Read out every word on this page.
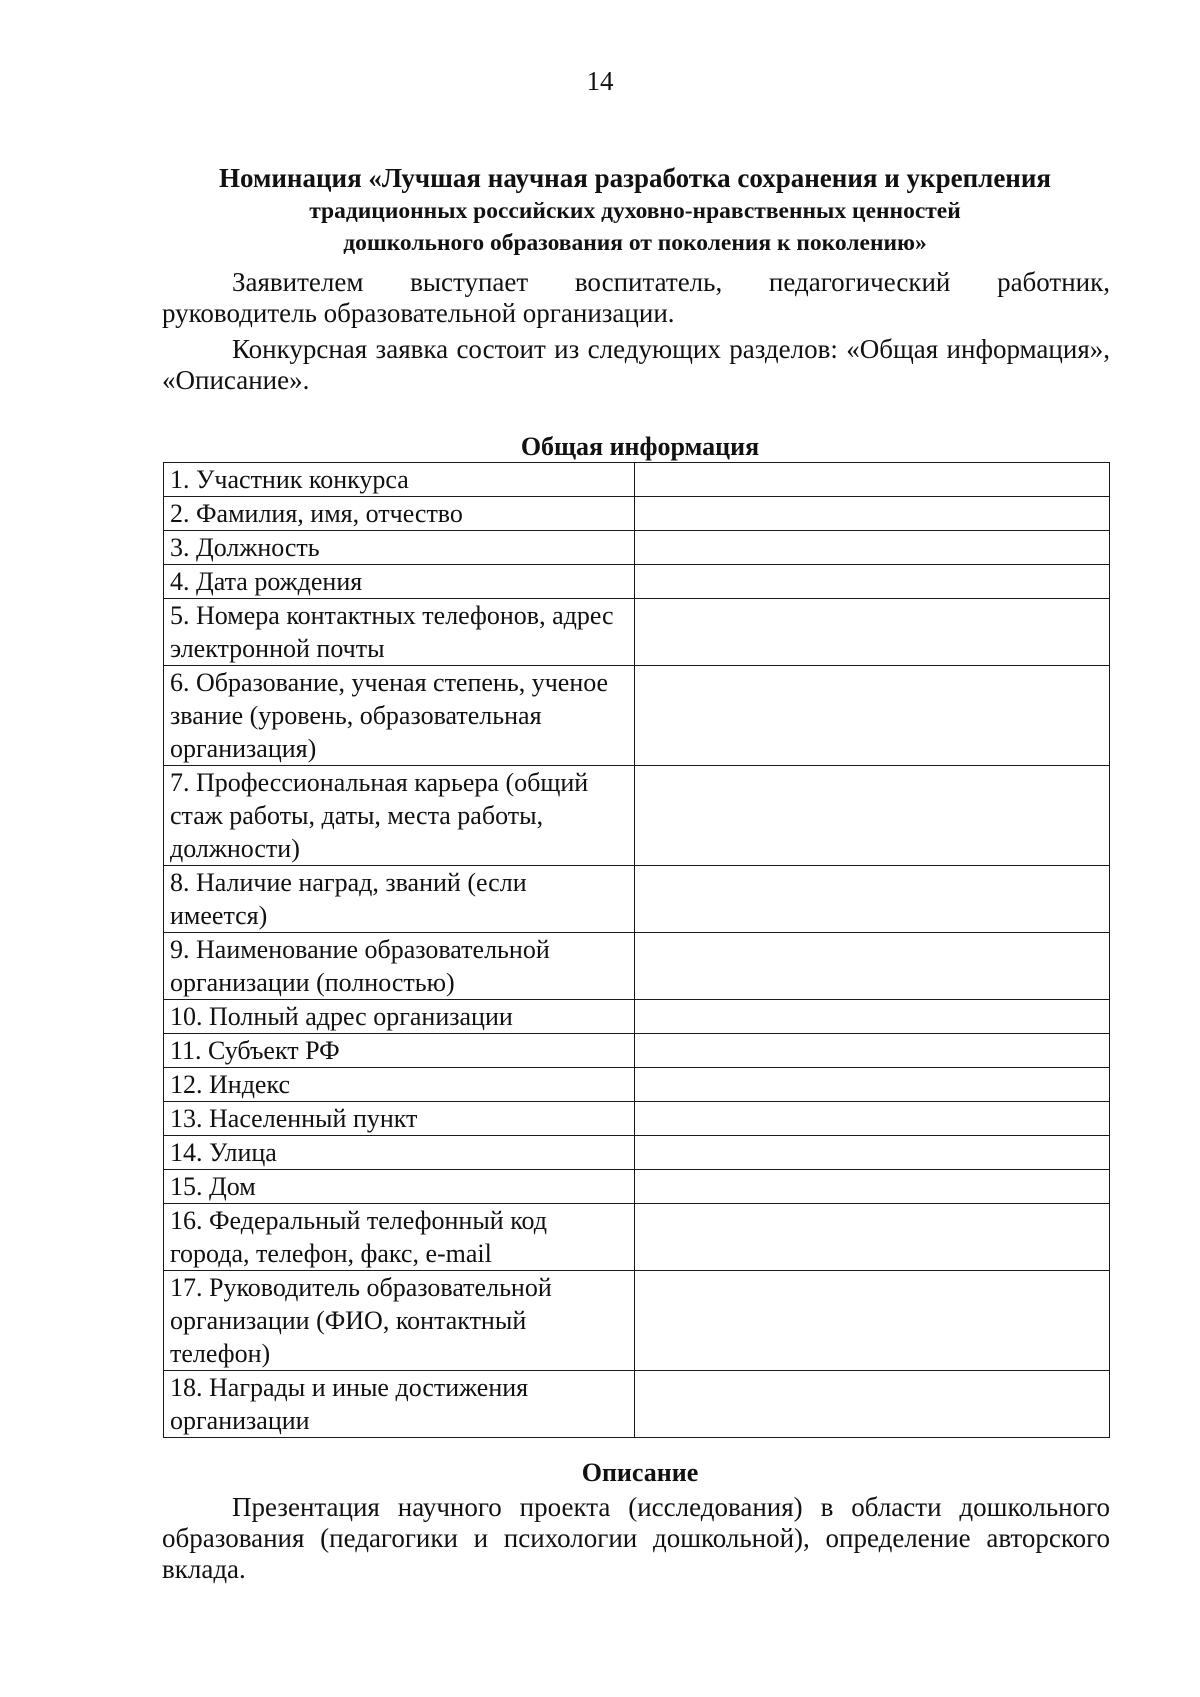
14
Номинация «Лучшая научная разработка сохранения и укрепления
традиционных российских духовно-нравственных ценностей
дошкольного образования от поколения к поколению»

Заявителем выступает воспитатель, педагогический работник, руководитель образовательной организации.

Конкурсная заявка состоит из следующих разделов: «Общая информация», «Описание».

Общая информация
1. Участник конкурса	
2. Фамилия, имя, отчество	
3. Должность	
4. Дата рождения	
5. Номера контактных телефонов, адрес электронной почты	
6. Образование, ученая степень, ученое звание (уровень, образовательная организация)	
7. Профессиональная карьера (общий стаж работы, даты, места работы, должности)	
8. Наличие наград, званий (если имеется)	
9. Наименование образовательной организации (полностью)	
10. Полный адрес организации	
11. Субъект РФ	
12. Индекс	
13. Населенный пункт	
14. Улица	
15. Дом	
16. Федеральный телефонный код города, телефон, факс, e-mail	
17. Руководитель образовательной организации (ФИО, контактный телефон)	
18. Награды и иные достижения организации	
Описание

Презентация научного проекта (исследования) в области дошкольного образования (педагогики и психологии дошкольной), определение авторского вклада.
